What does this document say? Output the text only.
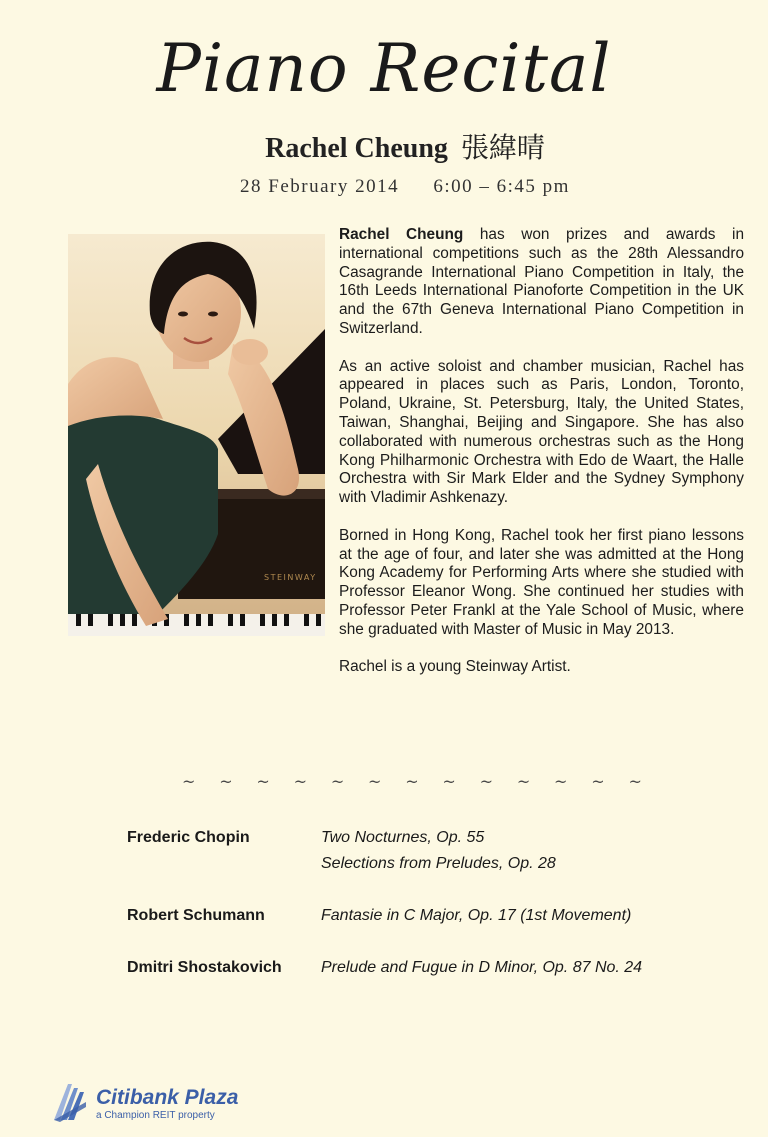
Piano Recital
Rachel Cheung 張緯晴
28 February 2014 6:00 – 6:45 pm
STEINWAY

Rachel Cheung has won prizes and awards in international competitions such as the 28th Alessandro Casagrande International Piano Competition in Italy, the 16th Leeds International Pianoforte Competition in the UK and the 67th Geneva International Piano Competition in Switzerland.

As an active soloist and chamber musician, Rachel has appeared in places such as Paris, London, Toronto, Poland, Ukraine, St. Petersburg, Italy, the United States, Taiwan, Shanghai, Beijing and Singapore. She has also collaborated with numerous orchestras such as the Hong Kong Philharmonic Orchestra with Edo de Waart, the Halle Orchestra with Sir Mark Elder and the Sydney Symphony with Vladimir Ashkenazy.

Borned in Hong Kong, Rachel took her first piano lessons at the age of four, and later she was admitted at the Hong Kong Academy for Performing Arts where she studied with Professor Eleanor Wong. She continued her studies with Professor Peter Frankl at the Yale School of Music, where she graduated with Master of Music in May 2013.

Rachel is a young Steinway Artist.

~ ~ ~ ~ ~ ~ ~ ~ ~ ~ ~ ~ ~
Frederic Chopin	Two Nocturnes, Op. 55
Selections from Preludes, Op. 28
Robert Schumann	Fantasie in C Major, Op. 17 (1st Movement)
Dmitri Shostakovich Prelude and Fugue in D Minor, Op. 87 No. 24
Citibank Plaza
a Champion REIT property
